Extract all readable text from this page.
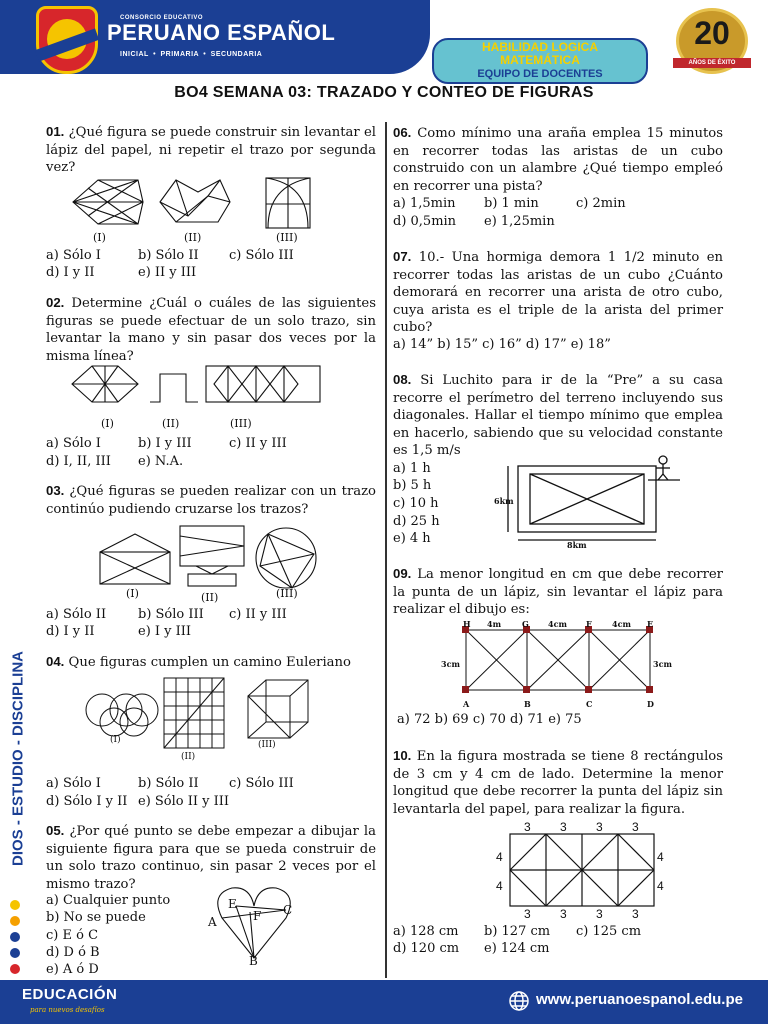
CONSORCIO EDUCATIVO
PERUANO ESPAÑOL
INICIAL • PRIMARIA • SECUNDARIA
HABILIDAD LOGICA
MATEMÁTICA
EQUIPO DE DOCENTES
20
AÑOS DE ÉXITO
BO4 SEMANA 03: TRAZADO Y CONTEO DE FIGURAS
DIOS - ESTUDIO - DISCIPLINA

01. ¿Qué figura se puede construir sin levantar el lápiz del papel, ni repetir el trazo por segunda vez?

(I)	(II)	(III)
a) Sólo I	b) Sólo II c) Sólo III
d) I y II	e) II y III

02. Determine ¿Cuál o cuáles de las siguientes figuras se puede efectuar de un solo trazo, sin levantar la mano y sin pasar dos veces por la misma línea?

(I)	(II)	(III)
a) Sólo I	b) I y III	c) II y III
d) I, II, III e) N.A.

03. ¿Qué figuras se pueden realizar con un trazo continúo pudiendo cruzarse los trazos?

(I)	(II)	(III)
a) Sólo II b) Sólo III c) II y III
d) I y II	e) I y III

04. Que figuras cumplen un camino Euleriano

(I)
(II)
(III)
a) Sólo I	b) Sólo II c) Sólo III
d) Sólo I y II e) Sólo II y III

05. ¿Por qué punto se debe empezar a dibujar la siguiente figura para que se pueda construir de un solo trazo continuo, sin pasar 2 veces por el mismo trazo?

a) Cualquier punto
b) No se puede
c) E ó C
d) D ó B
e) A ó D
A
E
F C
B

06. Como mínimo una araña emplea 15 minutos en recorrer todas las aristas de un cubo construido con un alambre ¿Qué tiempo empleó en recorrer una pista?

a) 1,5min b) 1 min	c) 2min
d) 0,5min e) 1,25min

07. 10.- Una hormiga demora 1 1/2 minuto en recorrer todas las aristas de un cubo ¿Cuánto demorará en recorrer una arista de otro cubo, cuya arista es el triple de la arista del primer cubo?

a) 14” b) 15” c) 16” d) 17” e) 18”

08. Si Luchito para ir de la “Pre” a su casa recorre el perímetro del terreno incluyendo sus diagonales. Hallar el tiempo mínimo que emplea en hacerlo, sabiendo que su velocidad constante es 1,5 m/s

a) 1 h
b) 5 h
c) 10 h
d) 25 h
e) 4 h
6km
8km

09. La menor longitud en cm que debe recorrer la punta de un lápiz, sin levantar el lápiz para realizar el dibujo es:

H 4m	G 4cm F	4cm E
3cm	3cm
A	B	C	D
a) 72 b) 69 c) 70 d) 71 e) 75

10. En la figura mostrada se tiene 8 rectángulos de 3 cm y 4 cm de lado. Determine la menor longitud que debe recorrer la punta del lápiz sin levantarla del papel, para realizar la figura.

3 3 3 3
4
4
4
4
3 3 3 3
a) 128 cm b) 127 cm c) 125 cm
d) 120 cm e) 124 cm
EDUCACIÓN
para nuevos desafíos
www.peruanoespanol.edu.pe
